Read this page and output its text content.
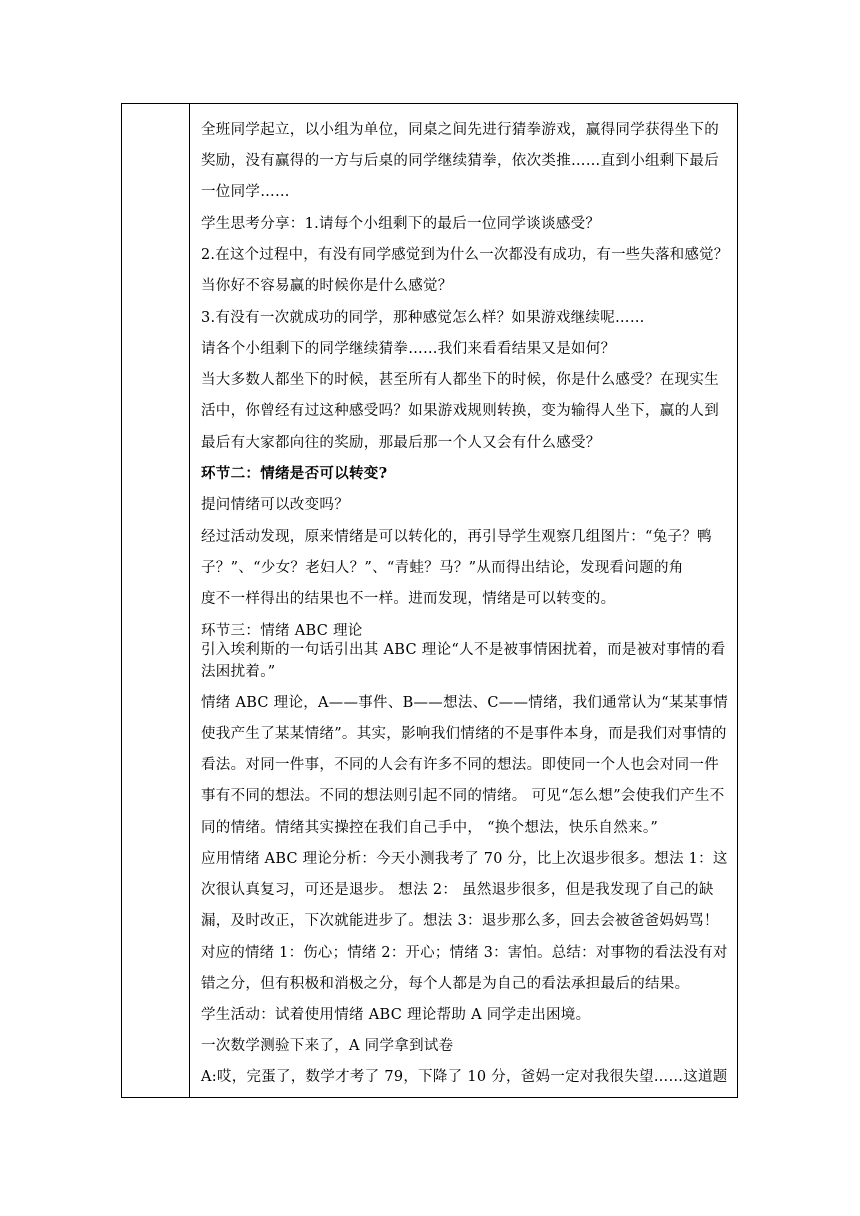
全班同学起立，以小组为单位，同桌之间先进行猜拳游戏，赢得同学获得坐下的
奖励，没有赢得的一方与后桌的同学继续猜拳，依次类推……直到小组剩下最后
一位同学……
学生思考分享：1.请每个小组剩下的最后一位同学谈谈感受？
2.在这个过程中，有没有同学感觉到为什么一次都没有成功，有一些失落和感觉？
当你好不容易赢的时候你是什么感觉？
3.有没有一次就成功的同学，那种感觉怎么样？如果游戏继续呢……
请各个小组剩下的同学继续猜拳……我们来看看结果又是如何？
当大多数人都坐下的时候，甚至所有人都坐下的时候，你是什么感受？在现实生
活中，你曾经有过这种感受吗？如果游戏规则转换，变为输得人坐下，赢的人到
最后有大家都向往的奖励，那最后那一个人又会有什么感受？
环节二：情绪是否可以转变?
提问情绪可以改变吗？
经过活动发现，原来情绪是可以转化的，再引导学生观察几组图片：“兔子？鸭
子？”、“少女？老妇人？”、“青蛙？马？”从而得出结论，发现看问题的角
度不一样得出的结果也不一样。进而发现，情绪是可以转变的。
环节三：情绪 ABC 理论
引入埃利斯的一句话引出其 ABC 理论“人不是被事情困扰着，而是被对事情的看
法困扰着。”
情绪 ABC 理论，A——事件、B——想法、C——情绪，我们通常认为“某某事情
使我产生了某某情绪”。其实，影响我们情绪的不是事件本身，而是我们对事情的
看法。对同一件事，不同的人会有许多不同的想法。即使同一个人也会对同一件
事有不同的想法。不同的想法则引起不同的情绪。 可见“怎么想”会使我们产生不
同的情绪。情绪其实操控在我们自己手中， “换个想法，快乐自然来。”
应用情绪 ABC 理论分析：今天小测我考了 70 分，比上次退步很多。想法 1：这
次很认真复习，可还是退步。 想法 2： 虽然退步很多，但是我发现了自己的缺
漏，及时改正，下次就能进步了。想法 3：退步那么多，回去会被爸爸妈妈骂！
对应的情绪 1：伤心；情绪 2：开心；情绪 3：害怕。总结：对事物的看法没有对
错之分，但有积极和消极之分，每个人都是为自己的看法承担最后的结果。
学生活动：试着使用情绪 ABC 理论帮助 A 同学走出困境。
一次数学测验下来了，A 同学拿到试卷
A:哎，完蛋了，数学才考了 79，下降了 10 分，爸妈一定对我很失望……这道题
